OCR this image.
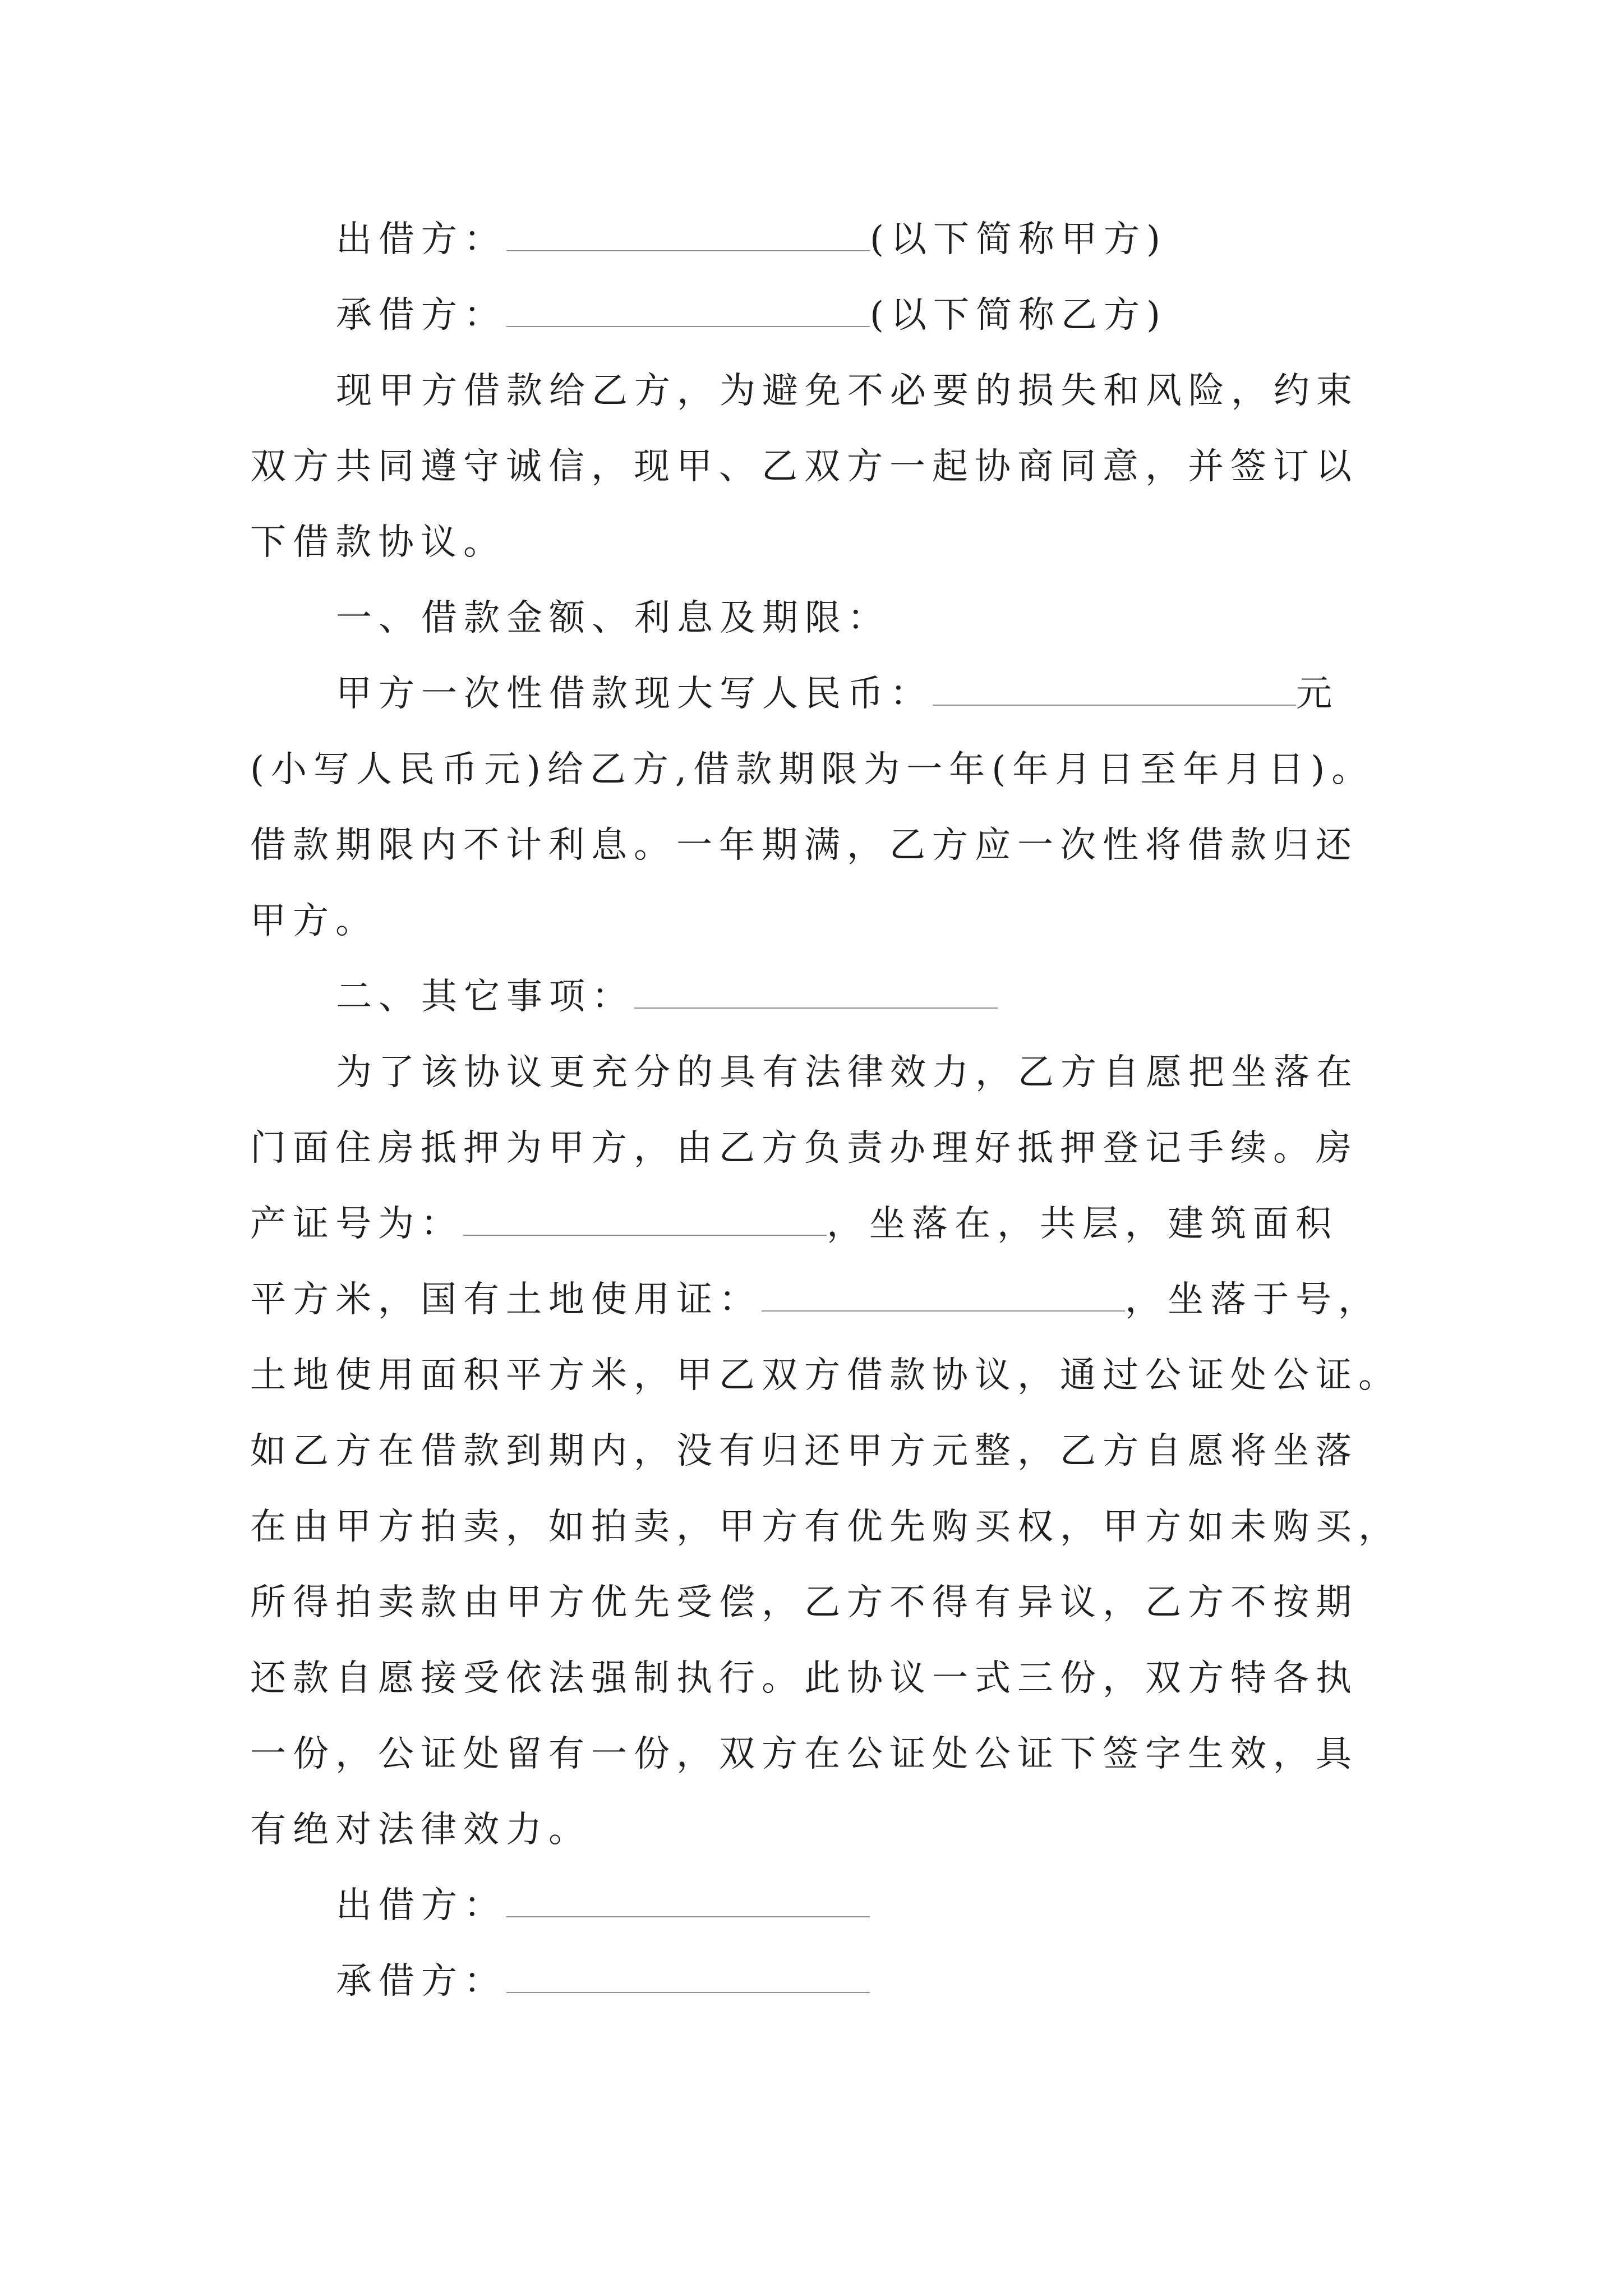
出借方：	(以下简称甲方)

承借方：	(以下简称乙方)

现甲方借款给乙方，为避免不必要的损失和风险，约束
双方共同遵守诚信，现甲、乙双方一起协商同意，并签订以
下借款协议。

一、借款金额、利息及期限：

甲方一次性借款现大写人民币：	元
(小写人民币元)给乙方,借款期限为一年(年月日至年月日)。
借款期限内不计利息。一年期满，乙方应一次性将借款归还
甲方。

二、其它事项：

为了该协议更充分的具有法律效力，乙方自愿把坐落在
门面住房抵押为甲方，由乙方负责办理好抵押登记手续。房
产证号为：	，坐落在，共层，建筑面积
平方米，国有土地使用证：	，坐落于号，
土地使用面积平方米，甲乙双方借款协议，通过公证处公证。
如乙方在借款到期内，没有归还甲方元整，乙方自愿将坐落
在由甲方拍卖，如拍卖，甲方有优先购买权，甲方如未购买，
所得拍卖款由甲方优先受偿，乙方不得有异议，乙方不按期
还款自愿接受依法强制执行。此协议一式三份，双方特各执
一份，公证处留有一份，双方在公证处公证下签字生效，具
有绝对法律效力。

出借方：

承借方：
